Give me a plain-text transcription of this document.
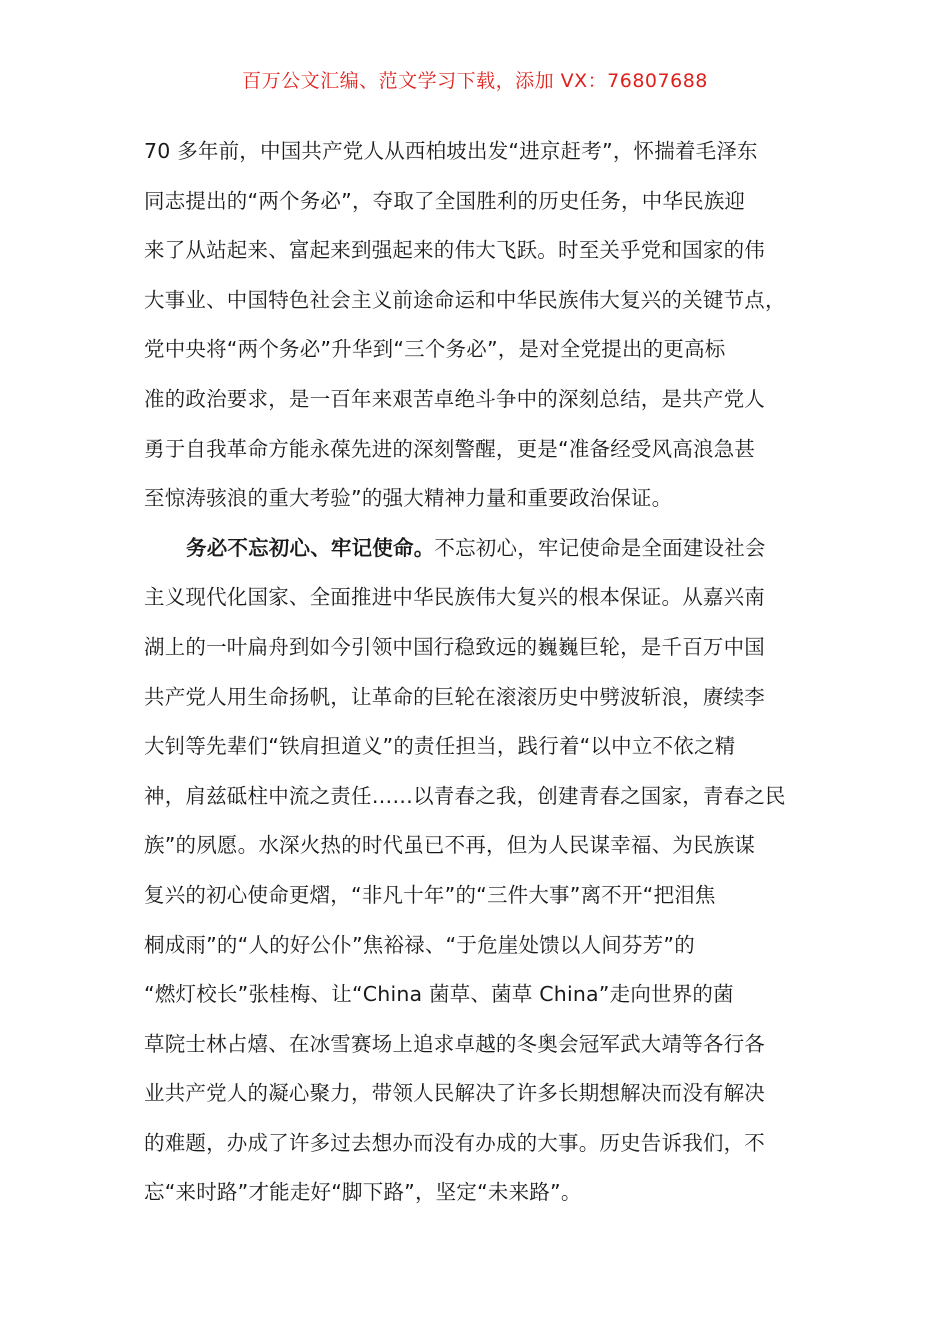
百万公文汇编、范文学习下载，添加 VX：76807688
70 多年前，中国共产党人从西柏坡出发“进京赶考”，怀揣着毛泽东
同志提出的“两个务必”，夺取了全国胜利的历史任务，中华民族迎
来了从站起来、富起来到强起来的伟大飞跃。时至关乎党和国家的伟
大事业、中国特色社会主义前途命运和中华民族伟大复兴的关键节点，
党中央将“两个务必”升华到“三个务必”，是对全党提出的更高标
准的政治要求，是一百年来艰苦卓绝斗争中的深刻总结，是共产党人
勇于自我革命方能永葆先进的深刻警醒，更是“准备经受风高浪急甚
至惊涛骇浪的重大考验”的强大精神力量和重要政治保证。
务必不忘初心、牢记使命。不忘初心，牢记使命是全面建设社会
主义现代化国家、全面推进中华民族伟大复兴的根本保证。从嘉兴南
湖上的一叶扁舟到如今引领中国行稳致远的巍巍巨轮，是千百万中国
共产党人用生命扬帆，让革命的巨轮在滚滚历史中劈波斩浪，赓续李
大钊等先辈们“铁肩担道义”的责任担当，践行着“以中立不依之精
神，肩兹砥柱中流之责任……以青春之我，创建青春之国家，青春之民
族”的夙愿。水深火热的时代虽已不再，但为人民谋幸福、为民族谋
复兴的初心使命更熠，“非凡十年”的“三件大事”离不开“把泪焦
桐成雨”的“人的好公仆”焦裕禄、“于危崖处馈以人间芬芳”的
“燃灯校长”张桂梅、让“China 菌草、菌草 China”走向世界的菌
草院士林占熺、在冰雪赛场上追求卓越的冬奥会冠军武大靖等各行各
业共产党人的凝心聚力，带领人民解决了许多长期想解决而没有解决
的难题，办成了许多过去想办而没有办成的大事。历史告诉我们，不
忘“来时路”才能走好“脚下路”，坚定“未来路”。
